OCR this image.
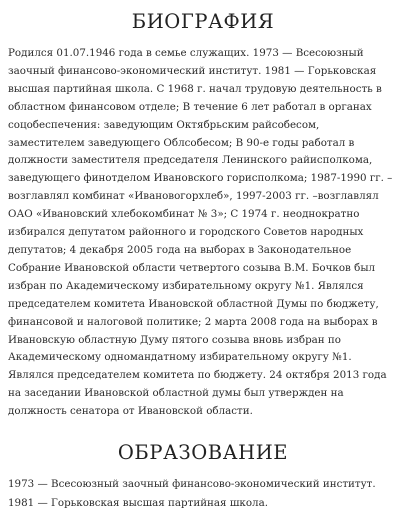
БИОГРАФИЯ

Родился 01.07.1946 года в семье служащих. 1973 — Всесоюзный заочный финансово-экономический институт. 1981 — Горьковская высшая партийная школа. С 1968 г. начал трудовую деятельность в областном финансовом отделе; В течение 6 лет работал в органах соцобеспечения: заведующим Октябрьским райсобесом, заместителем заведующего Облсобесом; В 90-е годы работал в должности заместителя председателя Ленинского райисполкома, заведующего финотделом Ивановского горисполкома; 1987-1990 гг. – возглавлял комбинат «Ивановогорхлеб», 1997-2003 гг. –возглавлял ОАО «Ивановский хлебокомбинат № 3»; С 1974 г. неоднократно избирался депутатом районного и городского Советов народных депутатов; 4 декабря 2005 года на выборах в Законодательное Собрание Ивановской области четвертого созыва В.М. Бочков был избран по Академическому избирательному округу №1. Являлся председателем комитета Ивановской областной Думы по бюджету, финансовой и налоговой политике; 2 марта 2008 года на выборах в Ивановскую областную Думу пятого созыва вновь избран по Академическому одномандатному избирательному округу №1. Являлся председателем комитета по бюджету. 24 октября 2013 года на заседании Ивановской областной думы был утвержден на должность сенатора от Ивановской области.

ОБРАЗОВАНИЕ
1973 — Всесоюзный заочный финансово-экономический институт.
1981 — Горьковская высшая партийная школа.
